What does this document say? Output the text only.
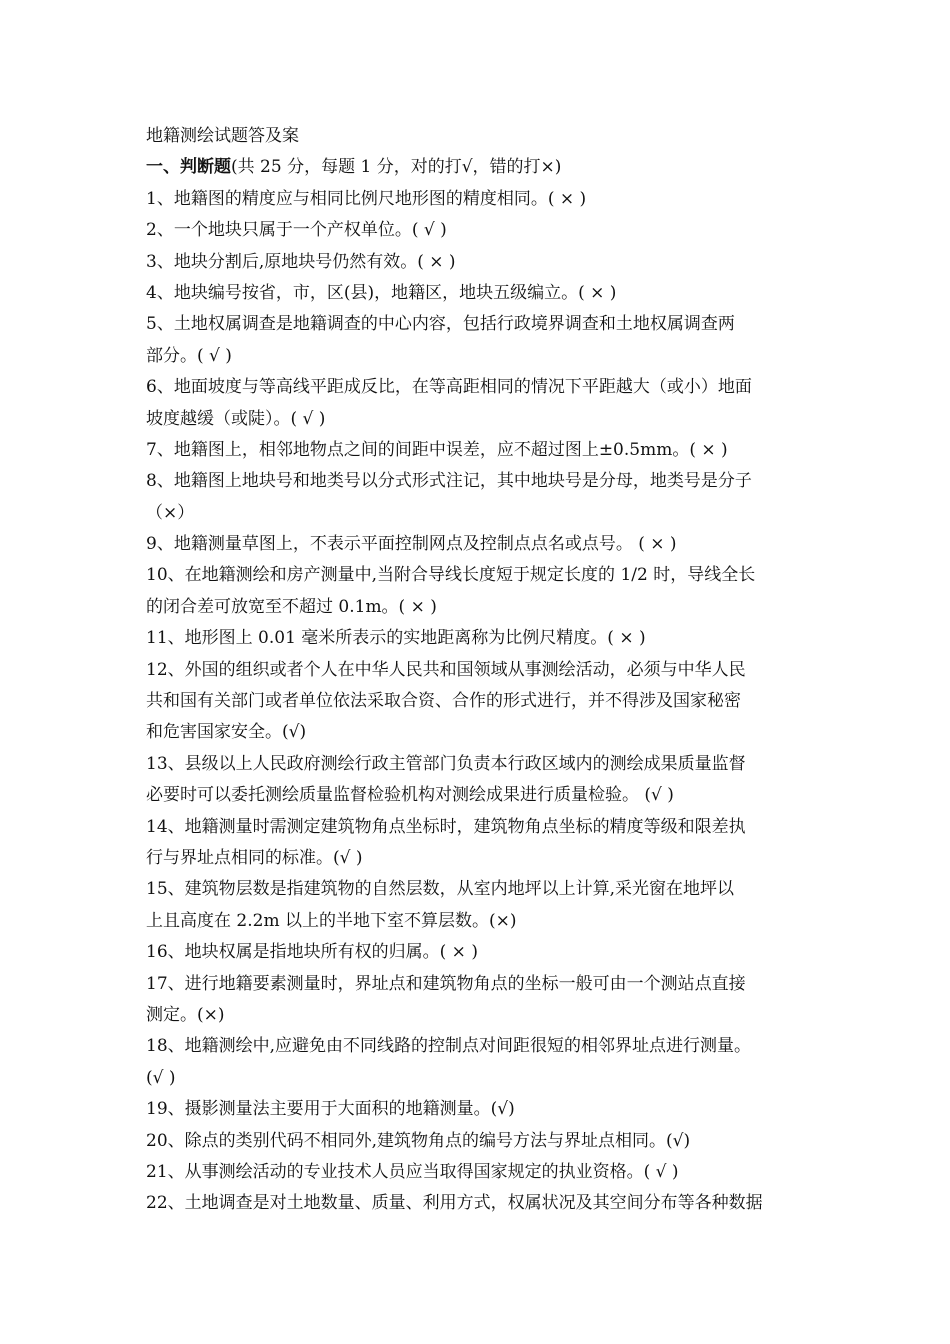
地籍测绘试题答及案
一、判断题(共 25 分，每题 1 分，对的打√，错的打×)
1、地籍图的精度应与相同比例尺地形图的精度相同。( × )
2、一个地块只属于一个产权单位。( √ )
3、地块分割后,原地块号仍然有效。( × )
4、地块编号按省，市，区(县)，地籍区，地块五级编立。( × )
5、土地权属调查是地籍调查的中心内容，包括行政境界调查和土地权属调查两
部分。( √ )
6、地面坡度与等高线平距成反比，在等高距相同的情况下平距越大（或小）地面
坡度越缓（或陡）。( √ )
7、地籍图上，相邻地物点之间的间距中误差，应不超过图上±0.5mm。( × )
8、地籍图上地块号和地类号以分式形式注记，其中地块号是分母，地类号是分子
（×）
9、地籍测量草图上，不表示平面控制网点及控制点点名或点号。 ( × )
10、在地籍测绘和房产测量中,当附合导线长度短于规定长度的 1/2 时，导线全长
的闭合差可放宽至不超过 0.1m。( × )
11、地形图上 0.01 毫米所表示的实地距离称为比例尺精度。( × )
12、外国的组织或者个人在中华人民共和国领域从事测绘活动，必须与中华人民
共和国有关部门或者单位依法采取合资、合作的形式进行，并不得涉及国家秘密
和危害国家安全。(√)
13、县级以上人民政府测绘行政主管部门负责本行政区域内的测绘成果质量监督
必要时可以委托测绘质量监督检验机构对测绘成果进行质量检验。 (√ )
14、地籍测量时需测定建筑物角点坐标时，建筑物角点坐标的精度等级和限差执
行与界址点相同的标准。(√ )
15、建筑物层数是指建筑物的自然层数，从室内地坪以上计算,采光窗在地坪以
上且高度在 2.2m 以上的半地下室不算层数。(×)
16、地块权属是指地块所有权的归属。( × )
17、进行地籍要素测量时，界址点和建筑物角点的坐标一般可由一个测站点直接
测定。(×)
18、地籍测绘中,应避免由不同线路的控制点对间距很短的相邻界址点进行测量。
(√ )
19、摄影测量法主要用于大面积的地籍测量。(√)
20、除点的类别代码不相同外,建筑物角点的编号方法与界址点相同。(√)
21、从事测绘活动的专业技术人员应当取得国家规定的执业资格。( √ )
22、土地调查是对土地数量、质量、利用方式，权属状况及其空间分布等各种数据
